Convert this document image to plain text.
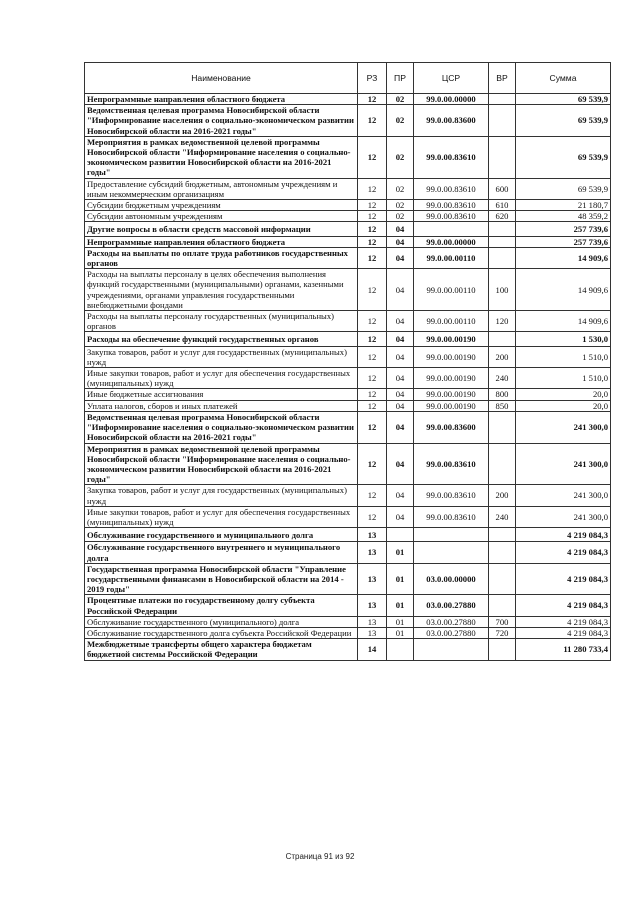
Наименование	РЗ	ПР	ЦСР	ВР	Сумма
Непрограммные направления областного бюджета	12	02	99.0.00.00000		69 539,9
Ведомственная целевая программа Новосибирской области "Информирование населения о социально-экономическом развитии Новосибирской области на 2016-2021 годы"	12	02	99.0.00.83600		69 539,9
Мероприятия в рамках ведомственной целевой программы Новосибирской области "Информирование населения о социально-экономическом развитии Новосибирской области на 2016-2021 годы"	12	02	99.0.00.83610		69 539,9
Предоставление субсидий бюджетным, автономным учреждениям и иным некоммерческим организациям	12	02	99.0.00.83610	600	69 539,9
Субсидии бюджетным учреждениям	12	02	99.0.00.83610	610	21 180,7
Субсидии автономным учреждениям	12	02	99.0.00.83610	620	48 359,2
Другие вопросы в области средств массовой информации	12	04			257 739,6
Непрограммные направления областного бюджета	12	04	99.0.00.00000		257 739,6
Расходы на выплаты по оплате труда работников государственных органов	12	04	99.0.00.00110		14 909,6
Расходы на выплаты персоналу в целях обеспечения выполнения функций государственными (муниципальными) органами, казенными учреждениями, органами управления государственными внебюджетными фондами	12	04	99.0.00.00110	100	14 909,6
Расходы на выплаты персоналу государственных (муниципальных) органов	12	04	99.0.00.00110	120	14 909,6
Расходы на обеспечение функций государственных органов	12	04	99.0.00.00190		1 530,0
Закупка товаров, работ и услуг для государственных (муниципальных) нужд	12	04	99.0.00.00190	200	1 510,0
Иные закупки товаров, работ и услуг для обеспечения государственных (муниципальных) нужд	12	04	99.0.00.00190	240	1 510,0
Иные бюджетные ассигнования	12	04	99.0.00.00190	800	20,0
Уплата налогов, сборов и иных платежей	12	04	99.0.00.00190	850	20,0
Ведомственная целевая программа Новосибирской области "Информирование населения о социально-экономическом развитии Новосибирской области на 2016-2021 годы"	12	04	99.0.00.83600		241 300,0
Мероприятия в рамках ведомственной целевой программы Новосибирской области "Информирование населения о социально-экономическом развитии Новосибирской области на 2016-2021 годы"	12	04	99.0.00.83610		241 300,0
Закупка товаров, работ и услуг для государственных (муниципальных) нужд	12	04	99.0.00.83610	200	241 300,0
Иные закупки товаров, работ и услуг для обеспечения государственных (муниципальных) нужд	12	04	99.0.00.83610	240	241 300,0
Обслуживание государственного и муниципального долга	13				4 219 084,3
Обслуживание государственного внутреннего и муниципального долга	13	01			4 219 084,3
Государственная программа Новосибирской области "Управление государственными финансами в Новосибирской области на 2014 - 2019 годы"	13	01	03.0.00.00000		4 219 084,3
Процентные платежи по государственному долгу субъекта Российской Федерации	13	01	03.0.00.27880		4 219 084,3
Обслуживание государственного (муниципального) долга	13	01	03.0.00.27880	700	4 219 084,3
Обслуживание государственного долга субъекта Российской Федерации	13	01	03.0.00.27880	720	4 219 084,3
Межбюджетные трансферты общего характера бюджетам бюджетной системы Российской Федерации	14				11 280 733,4
Страница 91 из 92
